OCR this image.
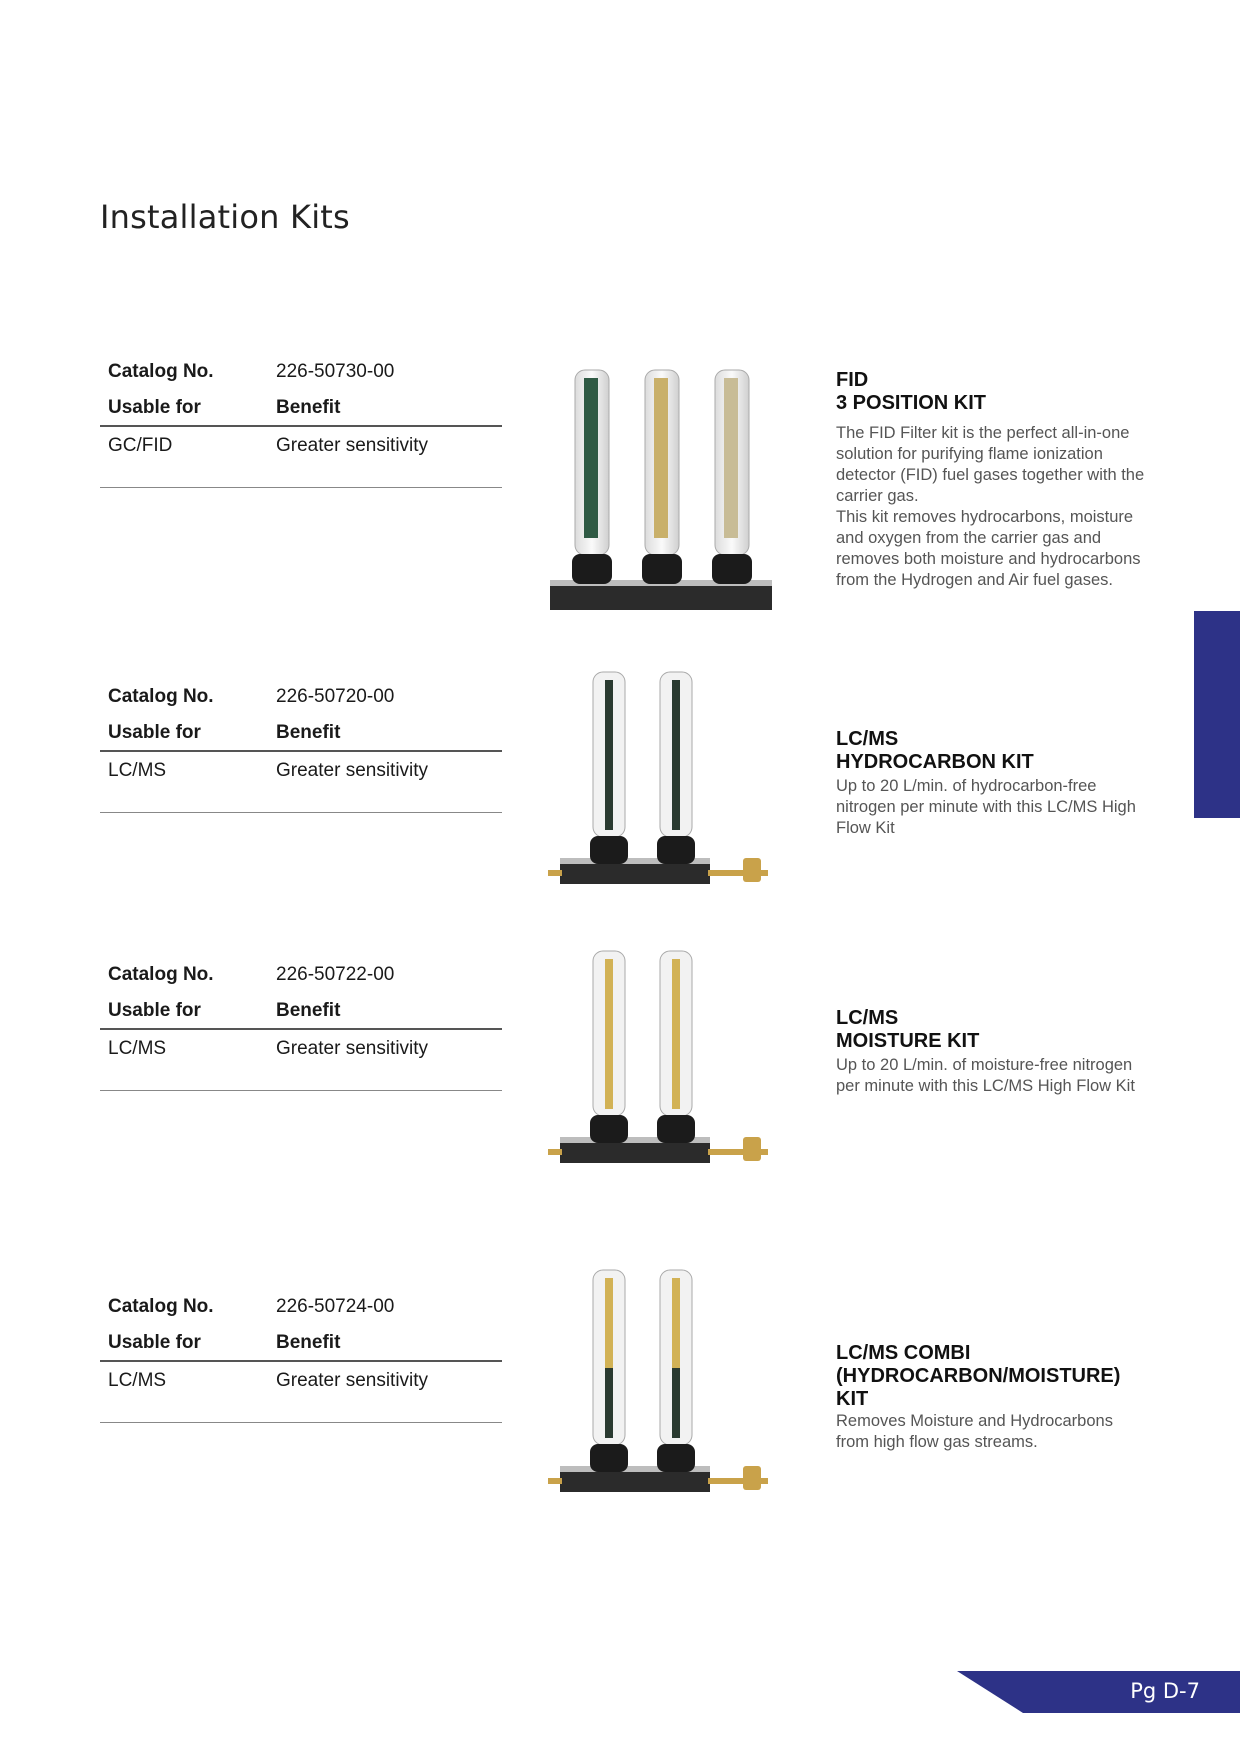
Installation Kits
Catalog No.	226-50730-00
Usable for	Benefit
GC/FID	Greater sensitivity
FID
3 POSITION KIT
The FID Filter kit is the perfect all-in-one solution for purifying flame ionization detector (FID) fuel gases together with the carrier gas.
This kit removes hydrocarbons, moisture and oxygen from the carrier gas and removes both moisture and hydrocarbons from the Hydrogen and Air fuel gases.
Catalog No.	226-50720-00
Usable for	Benefit
LC/MS	Greater sensitivity
LC/MS
HYDROCARBON KIT
Up to 20 L/min. of hydrocarbon-free nitrogen per minute with this LC/MS High Flow Kit
Catalog No.	226-50722-00
Usable for	Benefit
LC/MS	Greater sensitivity
LC/MS
MOISTURE KIT
Up to 20 L/min. of moisture-free nitrogen per minute with this LC/MS High Flow Kit
Catalog No.	226-50724-00
Usable for	Benefit
LC/MS	Greater sensitivity
LC/MS COMBI
(HYDROCARBON/MOISTURE)
KIT
Removes Moisture and Hydrocarbons from high flow gas streams.
Pg D-7
